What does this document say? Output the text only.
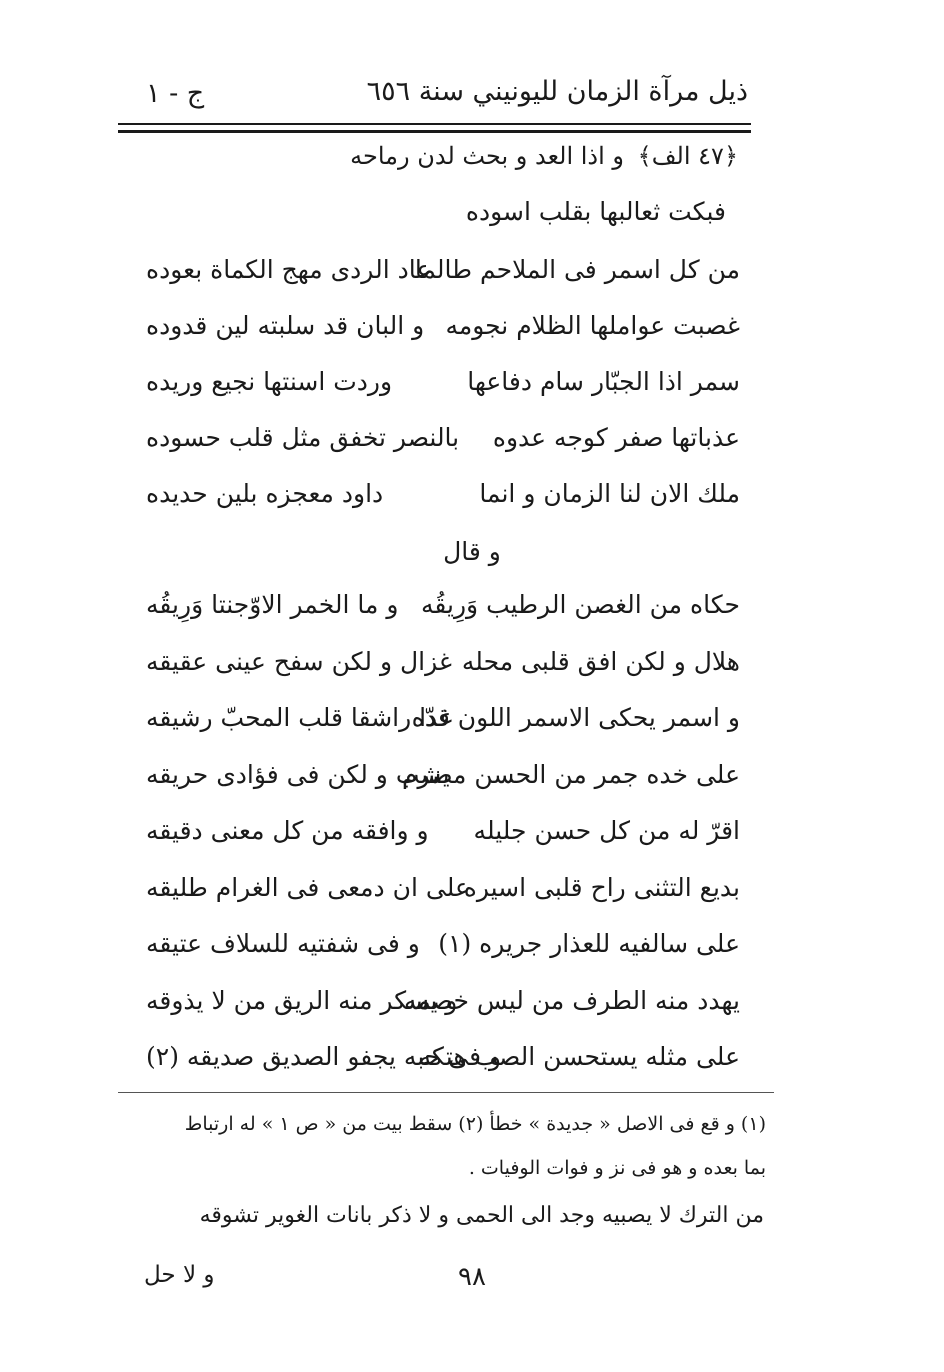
ذيل مرآة الزمان لليونيني سنة ٦٥٦
ج - ١
﴿٤٧ الف﴾ و اذا العد و بحث لدن رماحه
فبكت ثعالبها بقلب اسوده
من كل اسمر فى الملاحم طالما
عاد الردى مهج الكماة بعوده
غصبت عواملها الظلام نجومه
و البان قد سلبته لين قدوده
سمر اذا الجبّار سام دفاعها
وردت اسنتها نجيع وريده
عذباتها صفر كوجه عدوه
بالنصر تخفق مثل قلب حسوده
ملك الان لنا الزمان و انما
داود معجزه بلين حديده
و قال
حكاه من الغصن الرطيب وَرِيقُه
و ما الخمر الاوّجنتا وَرِيقُه
هلال و لكن افق قلبى محله
غزال و لكن سفح عينى عقيقه
و اسمر يحكى الاسمر اللون قدّه
غدا راشقا قلب المحبّ رشيقه
على خده جمر من الحسن مضرم
يشب و لكن فى فؤادى حريقه
اقرّ له من كل حسن جليله
و وافقه من كل معنى دقيقه
بديع التثنى راح قلبى اسيره
على ان دمعى فى الغرام طليقه
على سالفيه للعذار جريره (١)
و فى شفتيه للسلاف عتيقه
يهدد منه الطرف من ليس خصمه
و يسكر منه الريق من لا يذوقه
على مثله يستحسن الصب هتكه
و فى حبه يجفو الصديق صديقه (٢)
(١) و قع فى الاصل « جديدة » خطأ (٢) سقط بيت من « ص ١ » له ارتباط
بما بعده و هو فى نز و فوات الوفيات .
من الترك لا يصبيه وجد الى الحمى و لا ذكر بانات الغوير تشوقه
٩٨
و لا حل
